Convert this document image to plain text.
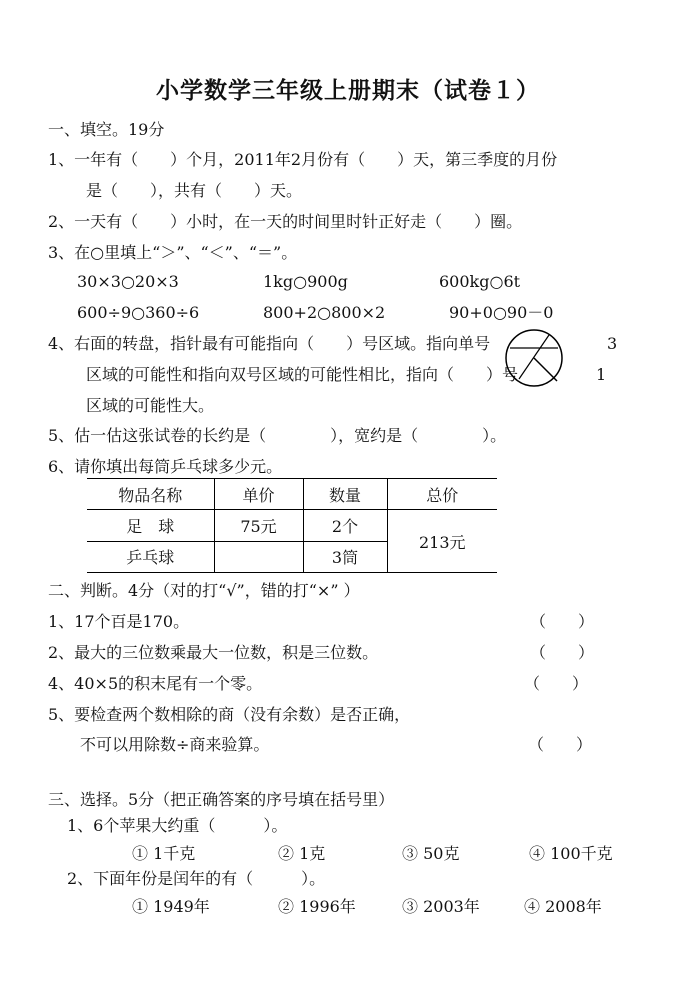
小学数学三年级上册期末（试卷１）
一、填空。19分
1、一年有（　　）个月，2011年2月份有（　　）天，第三季度的月份
是（　　），共有（　　）天。
2、一天有（　　）小时，在一天的时间里时针正好走（　　）圈。
3、在○里填上“＞”、“＜”、“＝”。
30×3○20×3	1kg○900g	600kg○6t
600÷9○360÷6	800+2○800×2	90+0○90－0
4、右面的转盘，指针最有可能指向（　　）号区域。指向单号
区域的可能性和指向双号区域的可能性相比，指向（　　）号
区域的可能性大。
3
1
5、估一估这张试卷的长约是（　　　　），宽约是（　　　　）。
6、请你填出每筒乒乓球多少元。
物品名称	单价	数量	总价
足　球	75元	2个	213元
乒乓球		3筒	
二、判断。4分（对的打“√”，错的打“×” ）
1、17个百是170。	（　　）
2、最大的三位数乘最大一位数，积是三位数。	（　　）
4、40×5的积末尾有一个零。	（　　）
5、要检查两个数相除的商（没有余数）是否正确，
不可以用除数÷商来验算。	（　　）
三、选择。5分（把正确答案的序号填在括号里）
1、6个苹果大约重（　　　）。
① 1千克	② 1克	③ 50克	④ 100千克
2、下面年份是闰年的有（　　　）。
① 1949年	② 1996年	③ 2003年	④ 2008年
